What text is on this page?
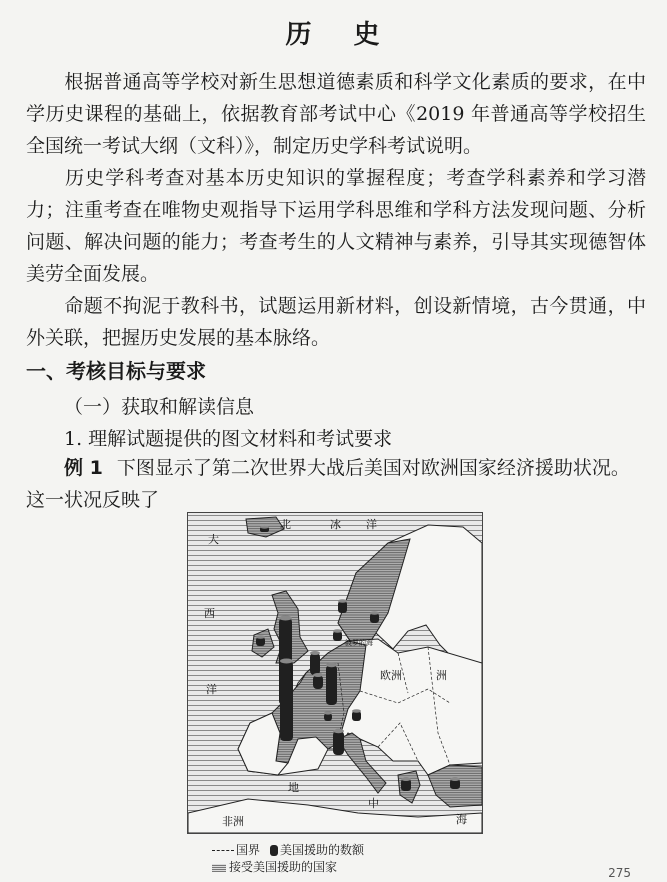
历 史

根据普通高等学校对新生思想道德素质和科学文化素质的要求，在中学历史课程的基础上，依据教育部考试中心《2019 年普通高等学校招生全国统一考试大纲（文科）》，制定历史学科考试说明。

历史学科考查对基本历史知识的掌握程度；考查学科素养和学习潜力；注重考查在唯物史观指导下运用学科思维和学科方法发现问题、分析问题、解决问题的能力；考查考生的人文精神与素养，引导其实现德智体美劳全面发展。

命题不拘泥于教科书，试题运用新材料，创设新情境，古今贯通，中外关联，把握历史发展的基本脉络。

一、考核目标与要求
（一）获取和解读信息
1. 理解试题提供的图文材料和考试要求

例 1 下图显示了第二次世界大战后美国对欧洲国家经济援助状况。这一状况反映了

北	冰 洋
大
西
洋
波罗的海
欧洲	洲
地
中
海
非洲
国界 美国援助的数额
接受美国援助的国家	275
